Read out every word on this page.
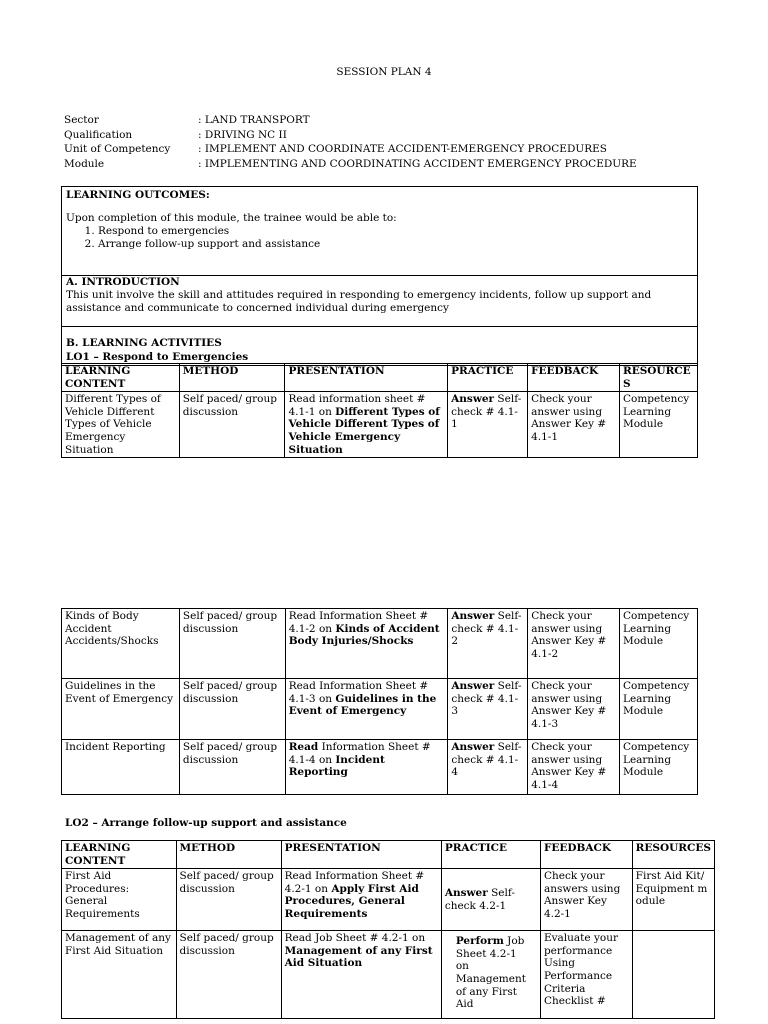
SESSION PLAN 4
Sector	: LAND TRANSPORT
Qualification	: DRIVING NC II
Unit of Competency	: IMPLEMENT AND COORDINATE ACCIDENT-EMERGENCY PROCEDURES
Module	: IMPLEMENTING AND COORDINATING ACCIDENT EMERGENCY PROCEDURE
LEARNING OUTCOMES:
Upon completion of this module, the trainee would be able to:
1. Respond to emergencies
2. Arrange follow-up support and assistance
A. INTRODUCTION
This unit involve the skill and attitudes required in responding to emergency incidents, follow up support and assistance and communicate to concerned individual during emergency
B. LEARNING ACTIVITIES
LO1 – Respond to Emergencies
LEARNING CONTENT	METHOD	PRESENTATION	PRACTICE	FEEDBACK	RESOURCES
Different Types of Vehicle Different Types of Vehicle Emergency Situation	Self paced/ group discussion	Read information sheet # 4.1-1 on Different Types of Vehicle Different Types of Vehicle Emergency Situation	Answer Self-check # 4.1-1	Check your answer using Answer Key # 4.1-1	Competency Learning Module
Kinds of Body Accident Accidents/Shocks	Self paced/ group discussion	Read Information Sheet # 4.1-2 on Kinds of Accident Body Injuries/Shocks	Answer Self-check # 4.1-2	Check your answer using Answer Key # 4.1-2	Competency Learning Module
Guidelines in the Event of Emergency	Self paced/ group discussion	Read Information Sheet # 4.1-3 on Guidelines in the Event of Emergency	Answer Self-check # 4.1-3	Check your answer using Answer Key # 4.1-3	Competency Learning Module
Incident Reporting	Self paced/ group discussion	Read Information Sheet # 4.1-4 on Incident Reporting	Answer Self-check # 4.1-4	Check your answer using Answer Key # 4.1-4	Competency Learning Module
LO2 – Arrange follow-up support and assistance
LEARNING CONTENT	METHOD	PRESENTATION	PRACTICE	FEEDBACK	RESOURCES
First Aid Procedures: General Requirements	Self paced/ group discussion	Read Information Sheet # 4.2-1 on Apply First Aid Procedures, General Requirements	Answer Self-check 4.2-1	Check your answers using Answer Key 4.2-1	First Aid Kit/Equipment module
Management of any First Aid Situation	Self paced/ group discussion	Read Job Sheet # 4.2-1 on Management of any First Aid Situation	Perform Job Sheet 4.2-1 on Management of any First Aid	Evaluate your performance Using Performance Criteria Checklist #	
